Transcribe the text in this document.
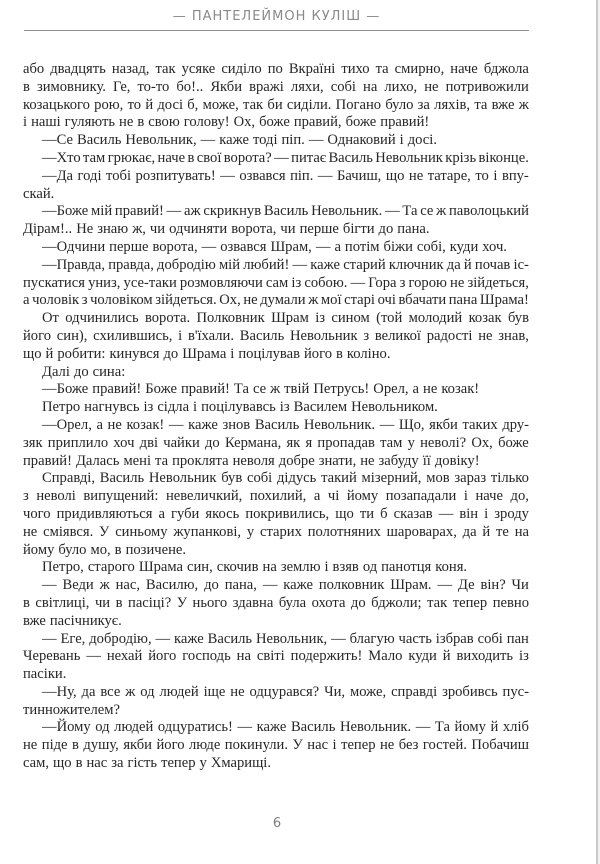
— ПАНТЕЛЕЙМОН КУЛІШ —
або двадцять назад, так усяке сиділо по Вкраїні тихо та смирно, наче бджола
в зимовнику. Ге, то-то бо!.. Якби вражі ляхи, собі на лихо, не потривожили
козацького рою, то й досі б, може, так би сиділи. Погано було за ляхів, та вже ж
і наші гуляють не в свою голову! Ох, боже правий, боже правий!
—Се Василь Невольник, — каже тоді піп. — Однаковий і досі.
—Хто там грюкає, наче в свої ворота? — питає Василь Невольник крізь віконце.
—Да годі тобі розпитувать! — озвався піп. — Бачиш, що не татаре, то і впу-
скай.
—Боже мій правий! — аж скрикнув Василь Невольник. — Та се ж паволоцький
Дірам!.. Не знаю ж, чи одчиняти ворота, чи перше бігти до пана.
—Одчини перше ворота, — озвався Шрам, — а потім біжи собі, куди хоч.
—Правда, правда, добродію мій любий! — каже старий ключник да й почав іс-
пускатися униз, усе-таки розмовляючи сам із собою. — Гора з горою не зійдеться,
а чоловік з чоловіком зійдеться. Ох, не думали ж мої старі очі вбачати пана Шрама!
От одчинились ворота. Полковник Шрам із сином (той молодий козак був
його син), схилившись, і в'їхали. Василь Невольник з великої радості не знав,
що й робити: кинувся до Шрама і поцілував його в коліно.
Далі до сина:
—Боже правий! Боже правий! Та се ж твій Петрусь! Орел, а не козак!
Петро нагнувсь із сідла і поцілувавсь із Василем Невольником.
—Орел, а не козак! — каже знов Василь Невольник. — Що, якби таких дру-
зяк приплило хоч дві чайки до Кермана, як я пропадав там у неволі? Ох, боже
правий! Далась мені та проклята неволя добре знати, не забуду її довіку!
Справді, Василь Невольник був собі дідусь такий мізерний, мов зараз тілько
з неволі випущений: невеличкий, похилий, а чі йому позападали і наче до,
чого придивляються а губи якось покривились, що ти б сказав — він і зроду
не сміявся. У синьому жупанкові, у старих полотняних шароварах, да й те на
йому було мо, в позичене.
Петро, старого Шрама син, скочив на землю і взяв од панотця коня.
— Веди ж нас, Василю, до пана, — каже полковник Шрам. — Де він? Чи
в світлиці, чи в пасіці? У нього здавна була охота до бджоли; так тепер певно
вже пасічникує.
— Еге, добродію, — каже Василь Невольник, — благую часть ізбрав собі пан
Черевань — нехай його господь на світі подержить! Мало куди й виходить із
пасіки.
—Ну, да все ж од людей іще не одцурався? Чи, може, справді зробивсь пус-
тинножителем?
—Йому од людей одцуратись! — каже Василь Невольник. — Та йому й хліб
не піде в душу, якби його люде покинули. У нас і тепер не без гостей. Побачиш
сам, що в нас за гість тепер у Хмарищі.
6
